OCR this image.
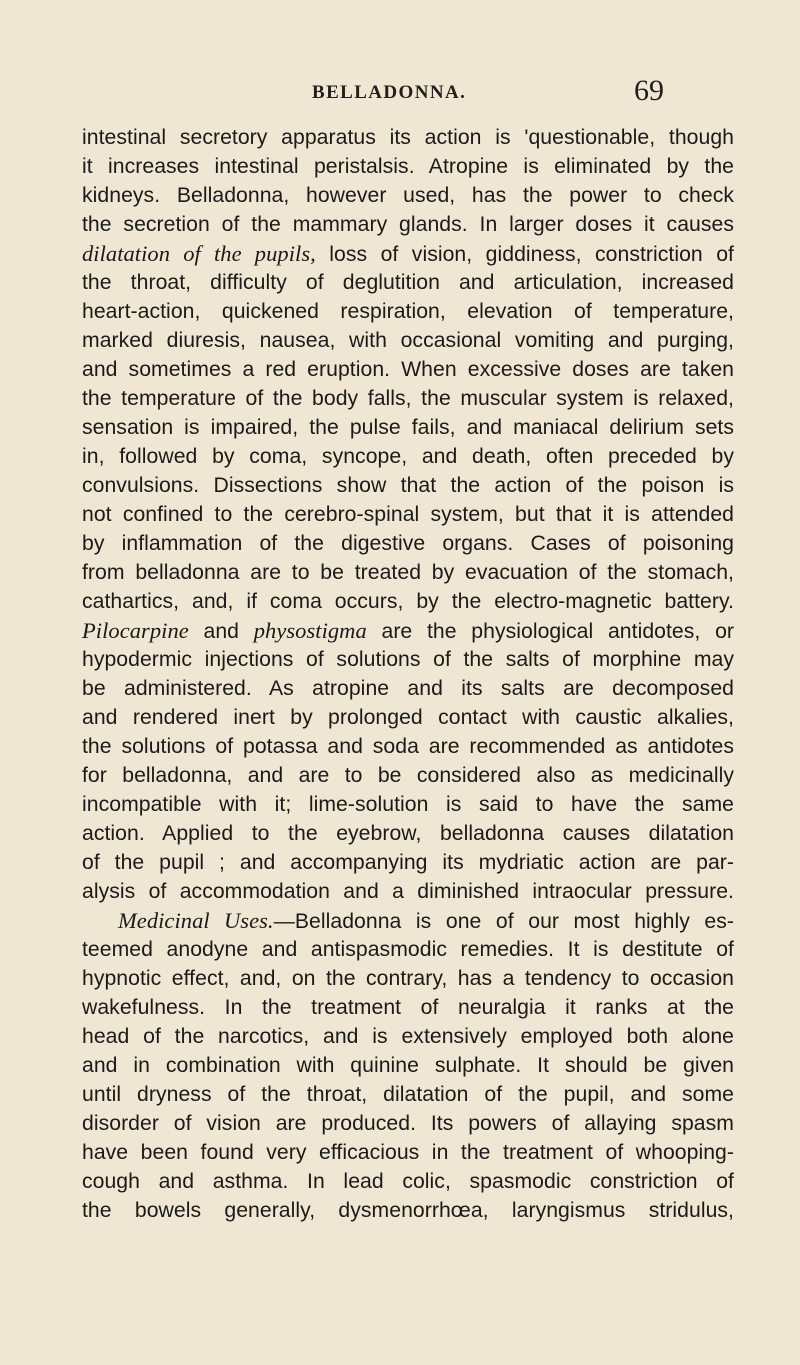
BELLADONNA.	69
intestinal secretory apparatus its action is 'questionable, though
it increases intestinal peristalsis. Atropine is eliminated by the
kidneys. Belladonna, however used, has the power to check
the secretion of the mammary glands. In larger doses it causes
dilatation of the pupils, loss of vision, giddiness, constriction of
the throat, difficulty of deglutition and articulation, increased
heart-action, quickened respiration, elevation of temperature,
marked diuresis, nausea, with occasional vomiting and purging,
and sometimes a red eruption. When excessive doses are taken
the temperature of the body falls, the muscular system is relaxed,
sensation is impaired, the pulse fails, and maniacal delirium sets
in, followed by coma, syncope, and death, often preceded by
convulsions. Dissections show that the action of the poison is
not confined to the cerebro-spinal system, but that it is attended
by inflammation of the digestive organs. Cases of poisoning
from belladonna are to be treated by evacuation of the stomach,
cathartics, and, if coma occurs, by the electro-magnetic battery.
Pilocarpine and physostigma are the physiological antidotes, or
hypodermic injections of solutions of the salts of morphine may
be administered. As atropine and its salts are decomposed
and rendered inert by prolonged contact with caustic alkalies,
the solutions of potassa and soda are recommended as antidotes
for belladonna, and are to be considered also as medicinally
incompatible with it; lime-solution is said to have the same
action. Applied to the eyebrow, belladonna causes dilatation
of the pupil ; and accompanying its mydriatic action are par-
alysis of accommodation and a diminished intraocular pressure.
Medicinal Uses.—Belladonna is one of our most highly es-
teemed anodyne and antispasmodic remedies. It is destitute of
hypnotic effect, and, on the contrary, has a tendency to occasion
wakefulness. In the treatment of neuralgia it ranks at the
head of the narcotics, and is extensively employed both alone
and in combination with quinine sulphate. It should be given
until dryness of the throat, dilatation of the pupil, and some
disorder of vision are produced. Its powers of allaying spasm
have been found very efficacious in the treatment of whooping-
cough and asthma. In lead colic, spasmodic constriction of
the bowels generally, dysmenorrhœa, laryngismus stridulus,
